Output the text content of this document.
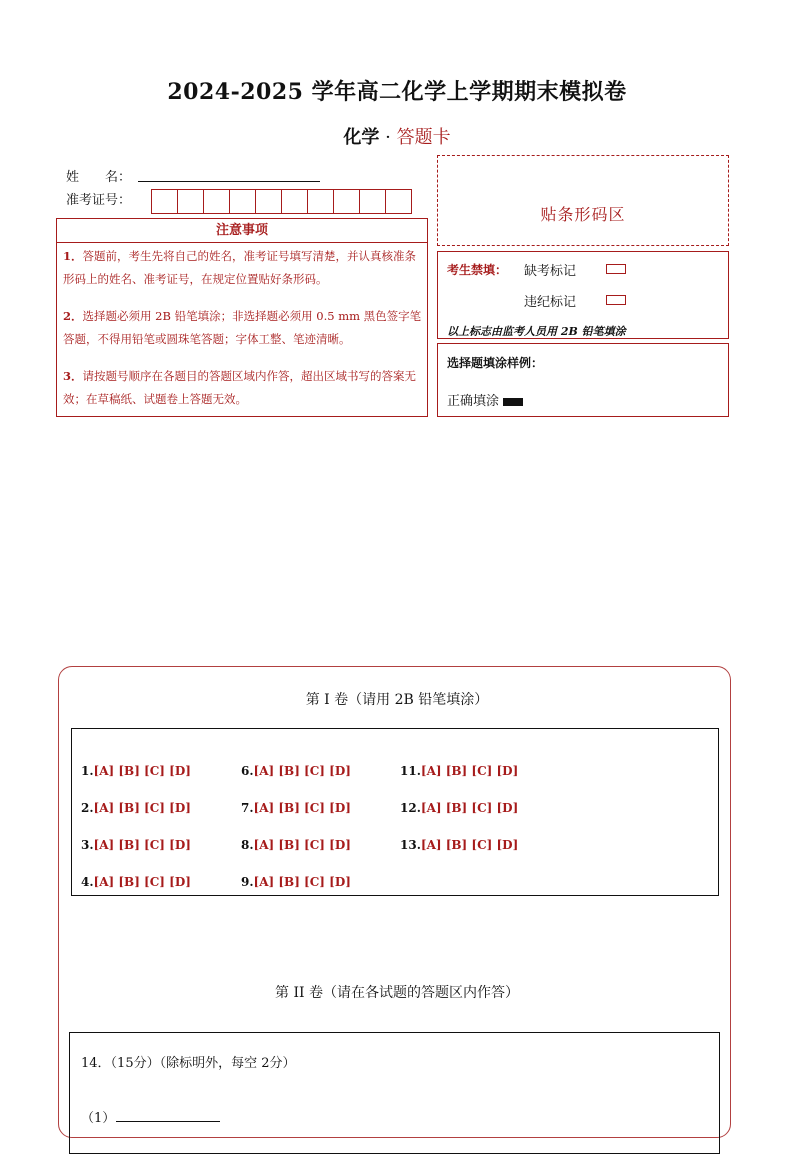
2024-2025 学年高二化学上学期期末模拟卷
化学 · 答题卡
姓　　名：
准考证号：
注意事项
1．答题前，考生先将自己的姓名，准考证号填写清楚，并认真核准条形码上的姓名、准考证号，在规定位置贴好条形码。
2．选择题必须用 2B 铅笔填涂；非选择题必须用 0.5 mm 黑色签字笔答题，不得用铅笔或圆珠笔答题；字体工整、笔迹清晰。
3．请按题号顺序在各题目的答题区域内作答，超出区域书写的答案无效；在草稿纸、试题卷上答题无效。
贴条形码区
考生禁填： 缺考标记
违纪标记
以上标志由监考人员用 2B 铅笔填涂
选择题填涂样例：
正确填涂
第 I 卷（请用 2B 铅笔填涂）
1.[A] [B] [C] [D]
2.[A] [B] [C] [D]
3.[A] [B] [C] [D]
4.[A] [B] [C] [D]
6.[A] [B] [C] [D]
7.[A] [B] [C] [D]
8.[A] [B] [C] [D]
9.[A] [B] [C] [D]
11.[A] [B] [C] [D]
12.[A] [B] [C] [D]
13.[A] [B] [C] [D]
第 II 卷（请在各试题的答题区内作答）
14．（15分）（除标明外，每空 2分）
（1）
